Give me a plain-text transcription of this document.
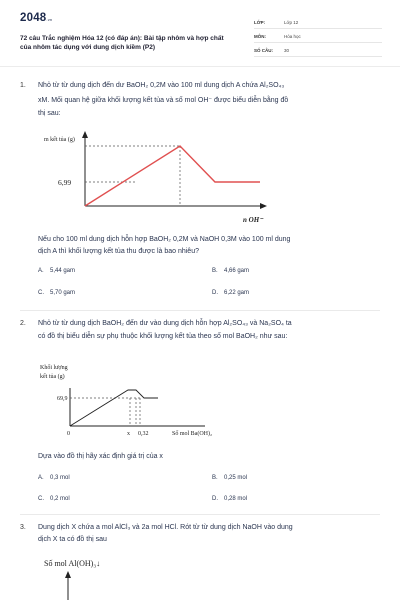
2048.vn
72 câu Trắc nghiệm Hóa 12 (có đáp án): Bài tập nhôm và hợp chất của nhôm tác dụng với dung dịch kiềm (P2)
LỚP:	Lớp 12
MÔN:	Hóa học
SỐ CÂU:	30
1. Nhỏ từ từ dung dịch đến dư BaOH₂ 0,2M vào 100 ml dung dịch A chứa Al₂SO₄₃
xM. Mối quan hệ giữa khối lượng kết tủa và số mol OH⁻ được biểu diễn bằng đồ
thị sau:
m kết tủa (g)
6,99
n OH⁻
Nếu cho 100 ml dung dịch hỗn hợp BaOH₂ 0,2M và NaOH 0,3M vào 100 ml dung
dịch A thì khối lượng kết tủa thu được là bao nhiêu?
A. 5,44 gam	B. 4,66 gam
C. 5,70 gam	D. 6,22 gam
2. Nhỏ từ từ dung dịch BaOH₂ đến dư vào dung dịch hỗn hợp Al₂SO₄₃ và Na₂SO₄ ta
có đồ thị biểu diễn sự phụ thuộc khối lượng kết tủa theo số mol BaOH₂ như sau:
Khối lượng
kết tủa (g)
69,9
0	x 0,32	Số mol Ba(OH)₂
Dựa vào đồ thị hãy xác định giá trị của x
A. 0,3 mol	B. 0,25 mol
C. 0,2 mol	D. 0,28 mol
3. Dung dịch X chứa a mol AlCl₃ và 2a mol HCl. Rót từ từ dung dịch NaOH vào dung
dịch X ta có đồ thị sau
Số mol Al(OH)₃↓
